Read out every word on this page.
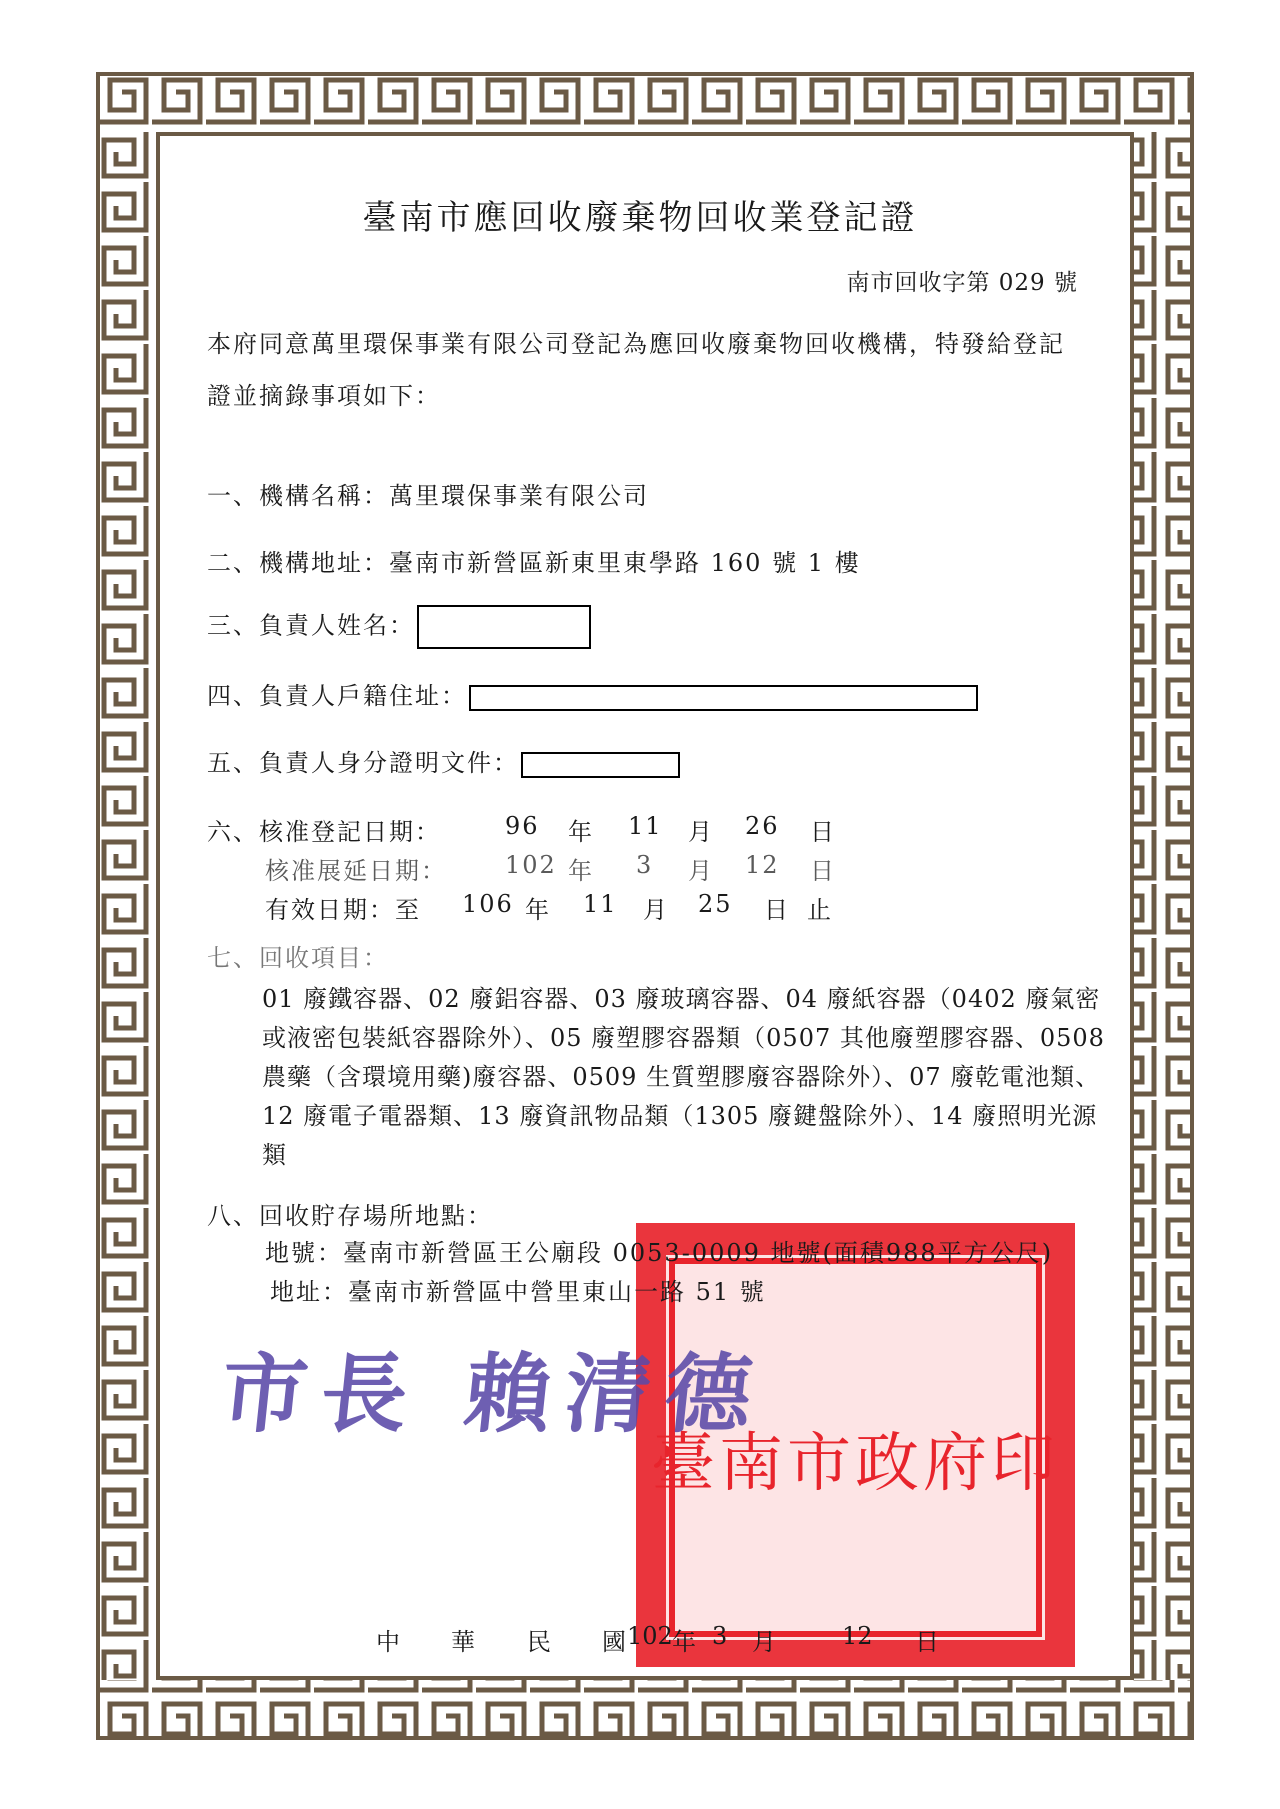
臺南市應回收廢棄物回收業登記證
南市回收字第 029 號
本府同意萬里環保事業有限公司登記為應回收廢棄物回收機構，特發給登記證並摘錄事項如下：
一、機構名稱：萬里環保事業有限公司
二、機構地址：臺南市新營區新東里東學路 160 號 1 樓
三、負責人姓名：
四、負責人戶籍住址：
五、負責人身分證明文件：
六、核准登記日期：	96 年 11 月 26 日
核准展延日期： 102 年 3 月 12 日
有效日期：至 106 年 11 月 25 日 止
七、回收項目：
01 廢鐵容器、02 廢鋁容器、03 廢玻璃容器、04 廢紙容器（0402 廢氣密或液密包裝紙容器除外）、05 廢塑膠容器類（0507 其他廢塑膠容器、0508 農藥（含環境用藥)廢容器、0509 生質塑膠廢容器除外）、07 廢乾電池類、12 廢電子電器類、13 廢資訊物品類（1305 廢鍵盤除外）、14 廢照明光源類
八、回收貯存場所地點：
地號：臺南市新營區王公廟段 0053-0009 地號(面積988平方公尺)
地址：臺南市新營區中營里東山一路 51 號
臺南市政府印
市長 賴清德
中 華 民 國 102 年 3 月	12 日
